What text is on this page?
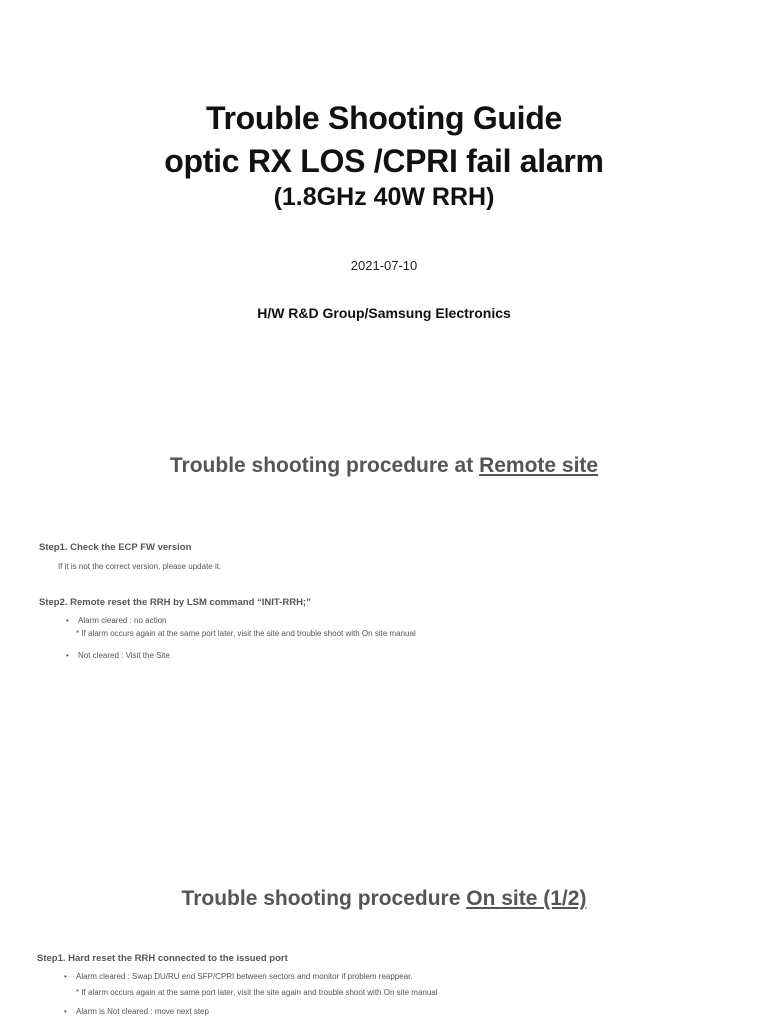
Trouble Shooting Guide
optic RX LOS /CPRI fail alarm
(1.8GHz 40W RRH)
2021-07-10
H/W R&D Group/Samsung Electronics
Trouble shooting procedure at Remote site
Step1. Check the ECP FW version
If it is not the correct version, please update it.
Step2. Remote reset the RRH by LSM command “INIT-RRH;”
• Alarm cleared : no action
* If alarm occurs again at the same port later, visit the site and trouble shoot with On site manual
• Not cleared : Visit the Site
Trouble shooting procedure On site (1/2)
Step1. Hard reset the RRH connected to the issued port
• Alarm cleared : Swap DU/RU end SFP/CPRI between sectors and monitor if problem reappear.
* If alarm occurs again at the same port later, visit the site again and trouble shoot with On site manual
• Alarm is Not cleared : move next step
